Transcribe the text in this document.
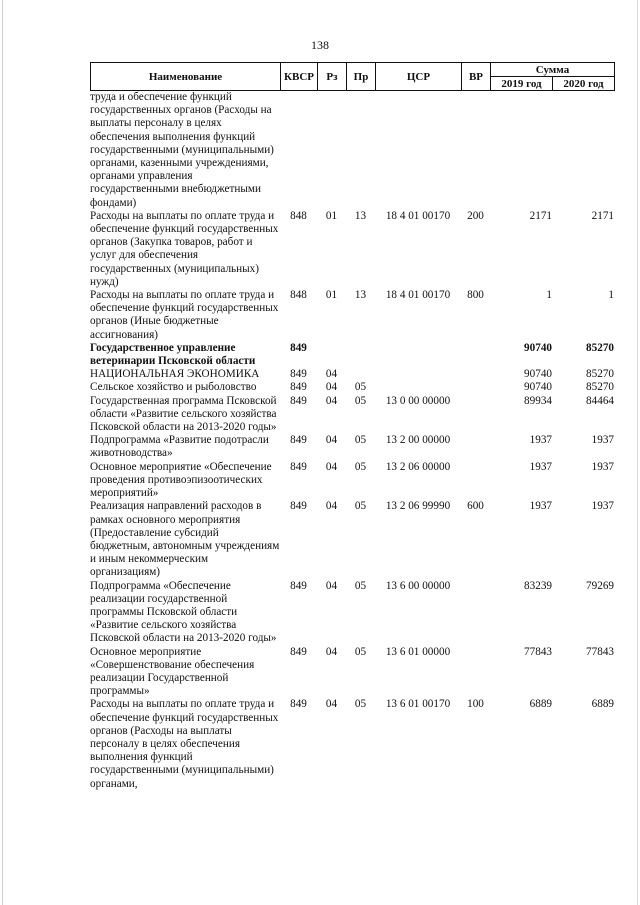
138
Наименование	КВСР	Рз	Пр	ЦСР	ВР	Сумма	
						2019 год	2020 год
труда и обеспечение функций государственных органов (Расходы на выплаты персоналу в целях обеспечения выполнения функций государственными (муниципальными) органами, казенными учреждениями, органами управления государственными внебюджетными фондами)							
Расходы на выплаты по оплате труда и обеспечение функций государственных органов (Закупка товаров, работ и услуг для обеспечения государственных (муниципальных) нужд)	848	01	13	18 4 01 00170	200	2171	2171
Расходы на выплаты по оплате труда и обеспечение функций государственных органов (Иные бюджетные ассигнования)	848	01	13	18 4 01 00170	800	1	1
Государственное управление ветеринарии Псковской области	849					90740	85270
НАЦИОНАЛЬНАЯ ЭКОНОМИКА	849	04				90740	85270
Сельское хозяйство и рыболовство	849	04	05			90740	85270
Государственная программа Псковской области «Развитие сельского хозяйства Псковской области на 2013-2020 годы»	849	04	05	13 0 00 00000		89934	84464
Подпрограмма «Развитие подотрасли животноводства»	849	04	05	13 2 00 00000		1937	1937
Основное мероприятие «Обеспечение проведения противоэпизоотических мероприятий»	849	04	05	13 2 06 00000		1937	1937
Реализация направлений расходов в рамках основного мероприятия (Предоставление субсидий бюджетным, автономным учреждениям и иным некоммерческим организациям)	849	04	05	13 2 06 99990	600	1937	1937
Подпрограмма «Обеспечение реализации государственной программы Псковской области «Развитие сельского хозяйства Псковской области на 2013-2020 годы»	849	04	05	13 6 00 00000		83239	79269
Основное мероприятие «Совершенствование обеспечения реализации Государственной программы»	849	04	05	13 6 01 00000		77843	77843
Расходы на выплаты по оплате труда и обеспечение функций государственных органов (Расходы на выплаты персоналу в целях обеспечения выполнения функций государственными (муниципальными) органами,	849	04	05	13 6 01 00170	100	6889	6889
